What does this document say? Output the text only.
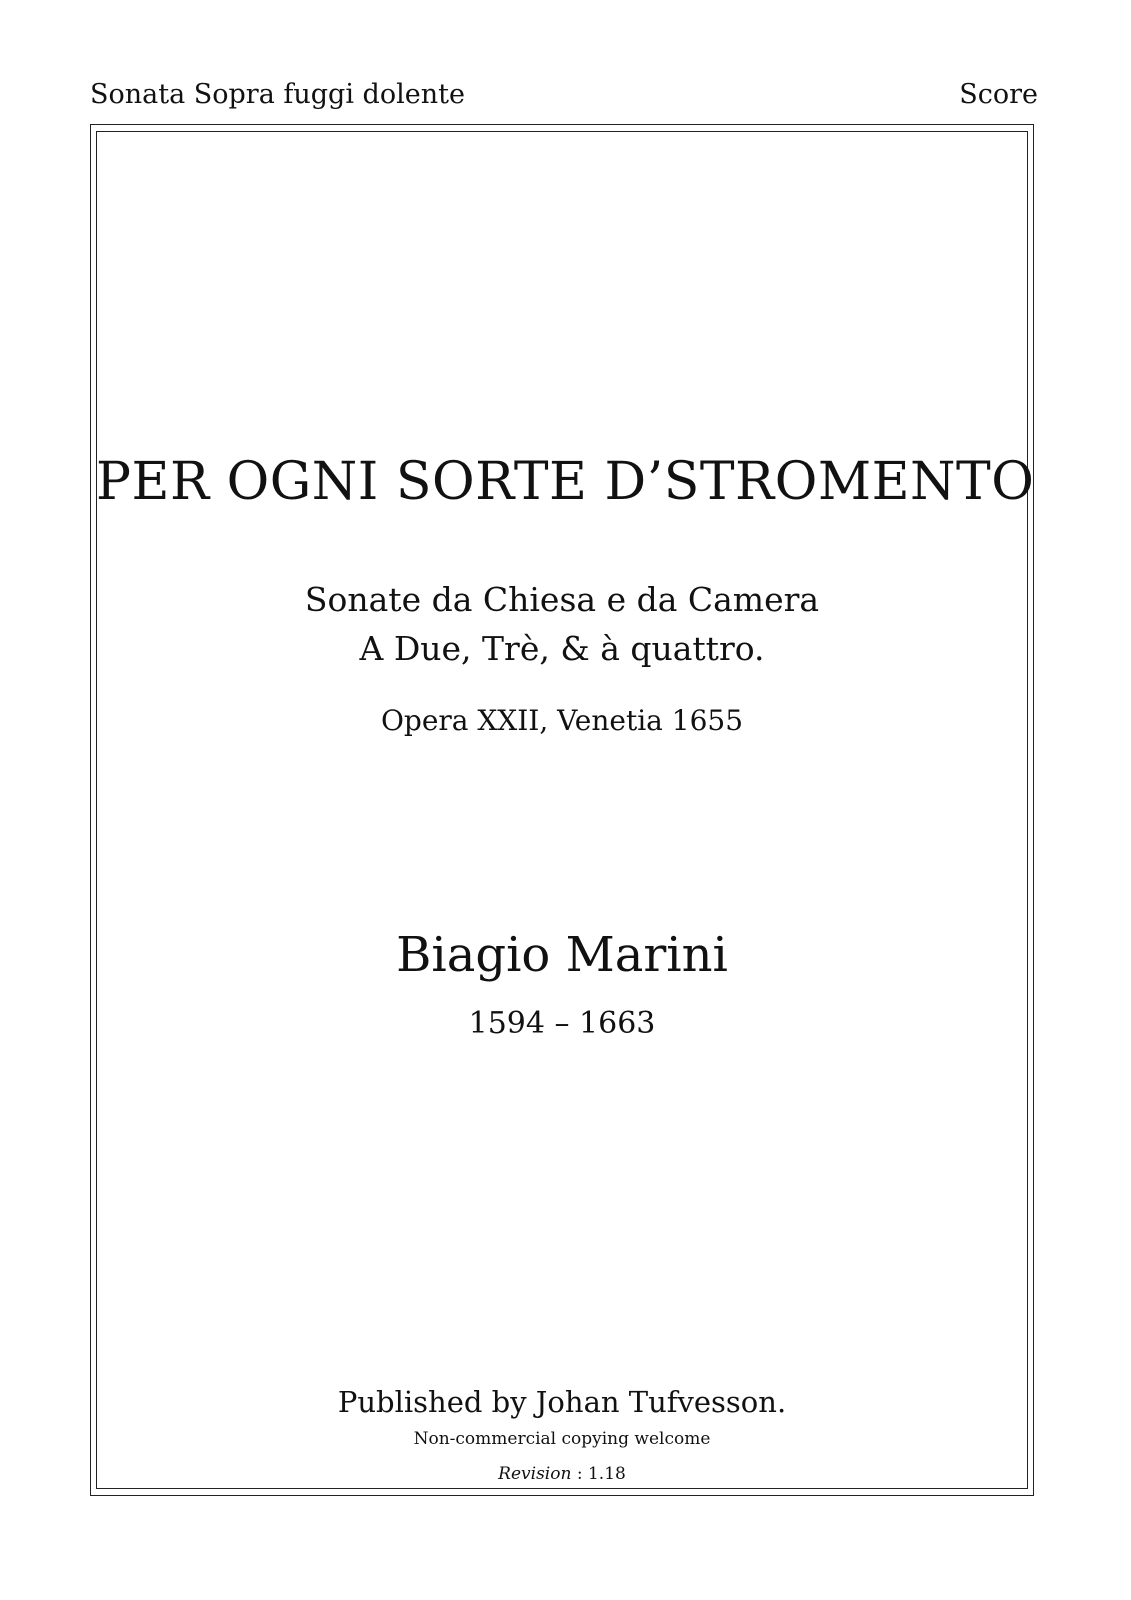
Sonata Sopra fuggi dolente	Score
PER OGNI SORTE D’STROMENTO
Sonate da Chiesa e da Camera
A Due, Trè, & à quattro.
Opera XXII, Venetia 1655
Biagio Marini
1594 – 1663
Published by Johan Tufvesson.
Non-commercial copying welcome
Revision : 1.18
